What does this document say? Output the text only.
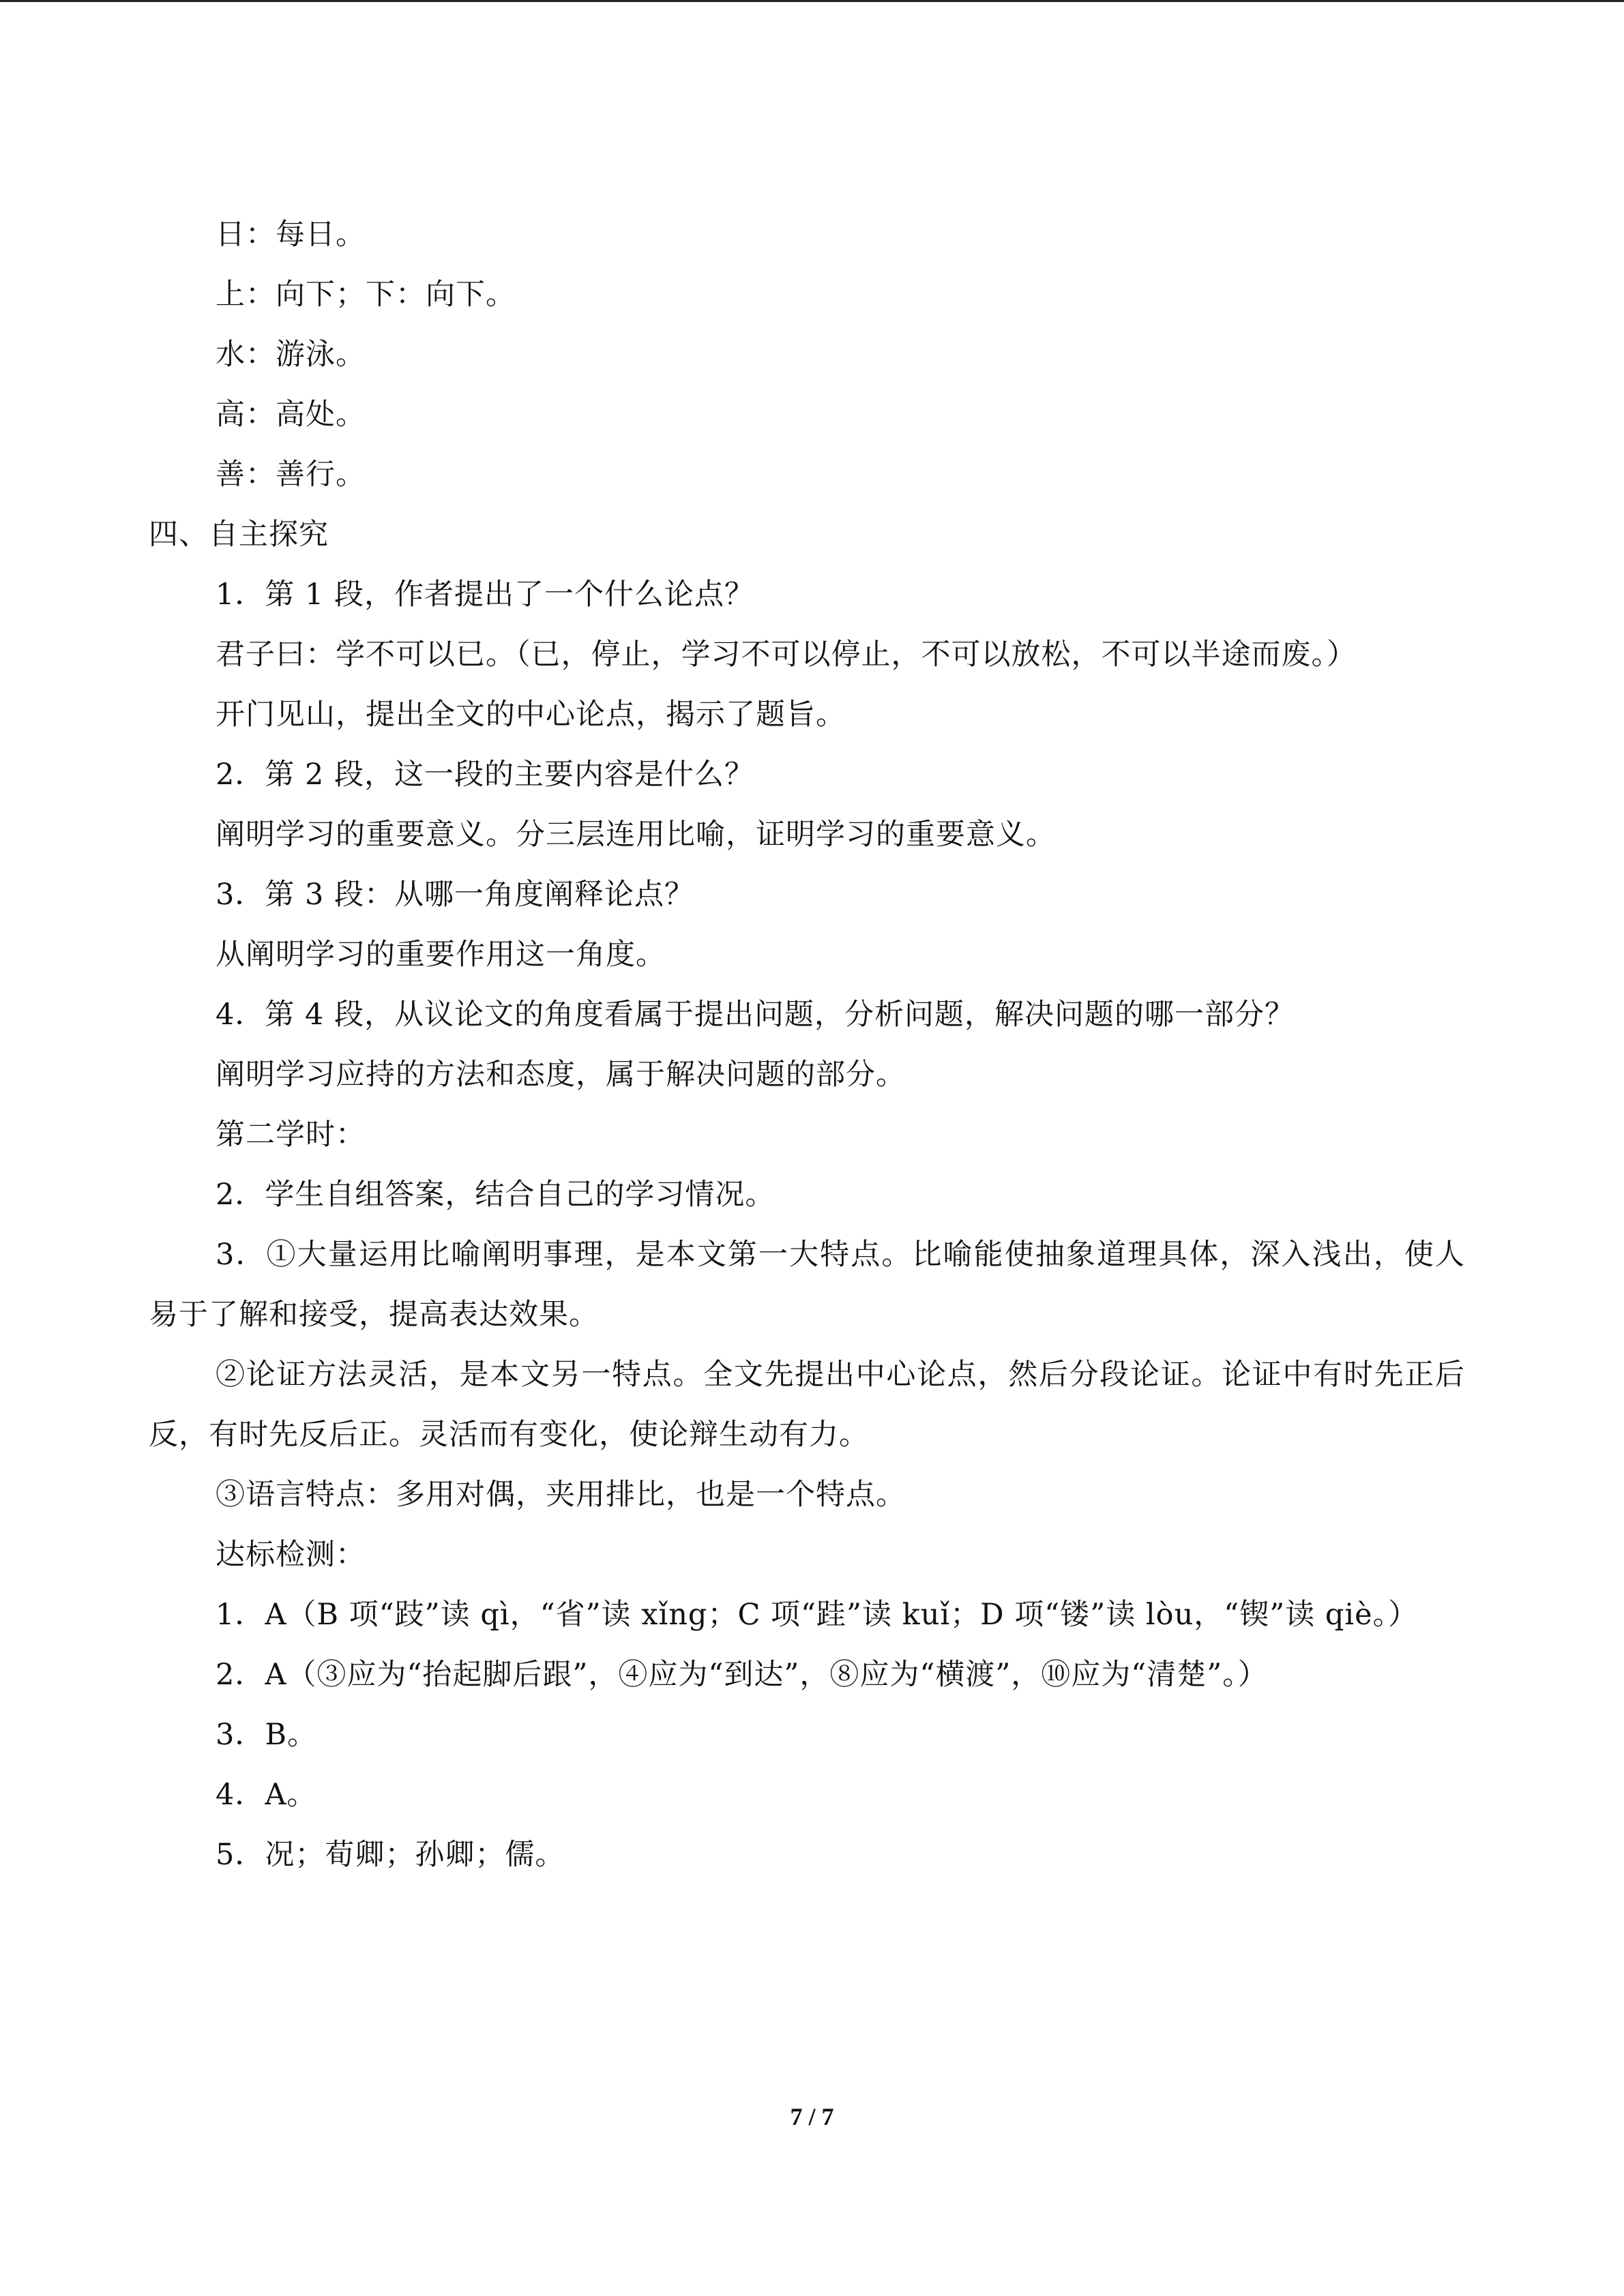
日：每日。
上：向下；下：向下。
水：游泳。
高：高处。
善：善行。
四、自主探究
1．第 1 段，作者提出了一个什么论点？
君子曰：学不可以已。（已，停止，学习不可以停止，不可以放松，不可以半途而废。）
开门见山，提出全文的中心论点，揭示了题旨。
2．第 2 段，这一段的主要内容是什么？
阐明学习的重要意义。分三层连用比喻，证明学习的重要意义。
3．第 3 段：从哪一角度阐释论点？
从阐明学习的重要作用这一角度。
4．第 4 段，从议论文的角度看属于提出问题，分析问题，解决问题的哪一部分？
阐明学习应持的方法和态度，属于解决问题的部分。
第二学时：
2．学生自组答案，结合自己的学习情况。
3．①大量运用比喻阐明事理，是本文第一大特点。比喻能使抽象道理具体，深入浅出，使人易于了解和接受，提高表达效果。
②论证方法灵活，是本文另一特点。全文先提出中心论点，然后分段论证。论证中有时先正后反，有时先反后正。灵活而有变化，使论辩生动有力。
③语言特点：多用对偶，夹用排比，也是一个特点。
达标检测：
1．A（B 项“跂”读 qì，“省”读 xǐng；C 项“跬”读 kuǐ；D 项“镂”读 lòu，“锲”读 qiè。）
2．A（③应为“抬起脚后跟”，④应为“到达”，⑧应为“横渡”，⑩应为“清楚”。）
3．B。
4．A。
5．况；荀卿；孙卿；儒。
7 / 7
